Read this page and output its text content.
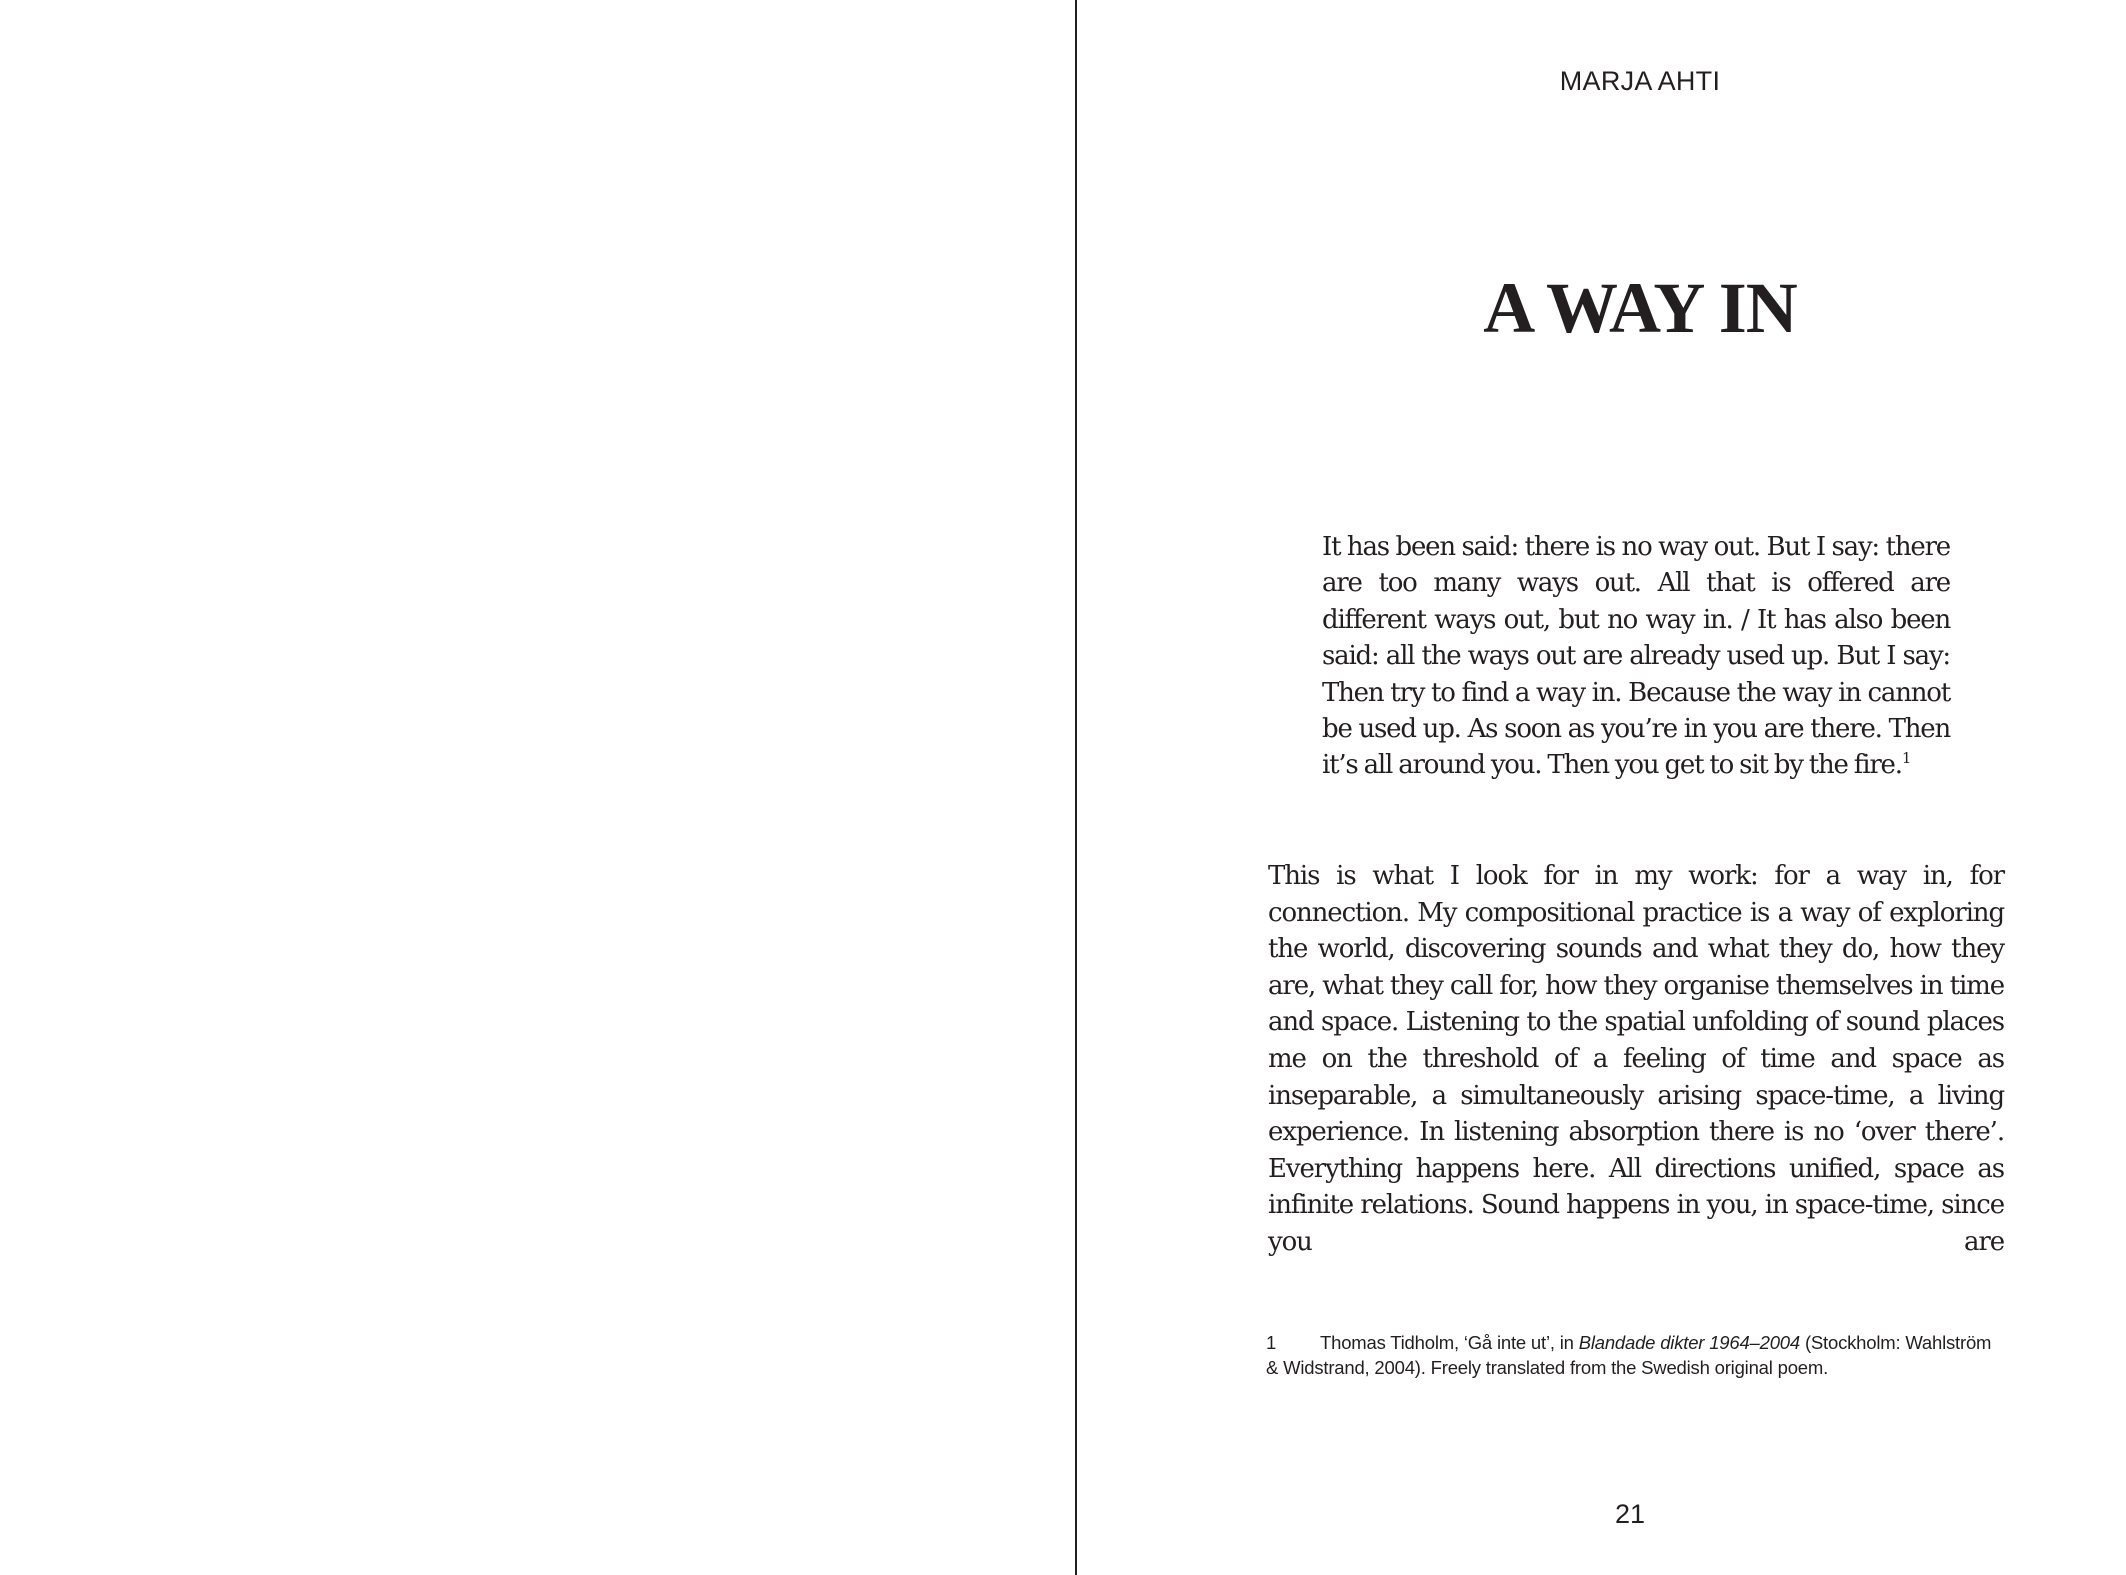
MARJA AHTI
A WAY IN

It has been said: there is no way out. But I say: there are too many ways out. All that is offered are different ways out, but no way in. / It has also been said: all the ways out are already used up. But I say: Then try to find a way in. Because the way in cannot be used up. As soon as you’re in you are there. Then it’s all around you. Then you get to sit by the fire.$^1$

This is what I look for in my work: for a way in, for connection. My compositional practice is a way of exploring the world, discovering sounds and what they do, how they are, what they call for, how they organise themselves in time and space. Listening to the spatial unfolding of sound places me on the threshold of a feeling of time and space as inseparable, a simultaneously arising space-time, a living experience. In listening absorption there is no ‘over there’. Everything happens here. All directions unified, space as infinite relations. Sound happens in you, in space-time, since you are

1 Thomas Tidholm, ‘Gå inte ut’, in Blandade dikter 1964–2004 (Stockholm: Wahlström & Widstrand, 2004). Freely translated from the Swedish original poem.

21
